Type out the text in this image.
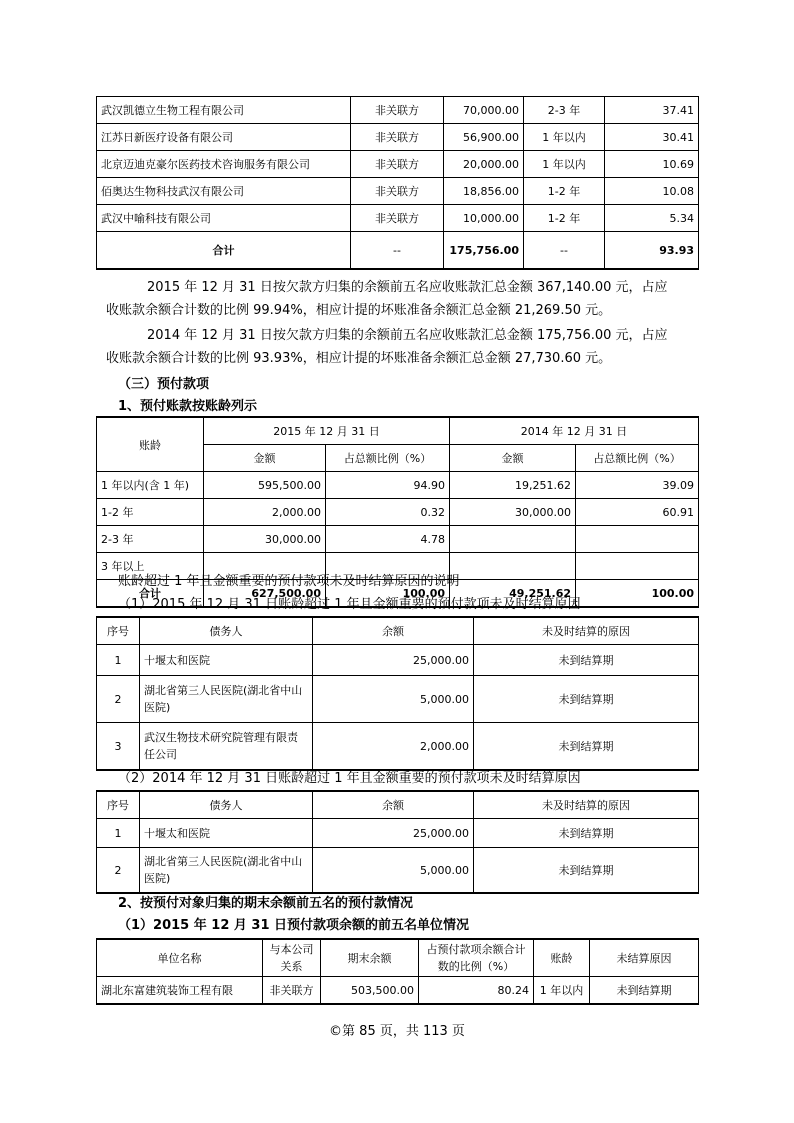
武汉凯德立生物工程有限公司	非关联方	70,000.00	2-3 年	37.41
江苏日新医疗设备有限公司	非关联方	56,900.00	1 年以内	30.41
北京迈迪克豪尔医药技术咨询服务有限公司	非关联方	20,000.00	1 年以内	10.69
佰奥达生物科技武汉有限公司	非关联方	18,856.00	1-2 年	10.08
武汉中喻科技有限公司	非关联方	10,000.00	1-2 年	5.34
合计	--	175,756.00	--	93.93
2015 年 12 月 31 日按欠款方归集的余额前五名应收账款汇总金额 367,140.00 元，占应
收账款余额合计数的比例 99.94%，相应计提的坏账准备余额汇总金额 21,269.50 元。
2014 年 12 月 31 日按欠款方归集的余额前五名应收账款汇总金额 175,756.00 元，占应
收账款余额合计数的比例 93.93%，相应计提的坏账准备余额汇总金额 27,730.60 元。
（三）预付款项
1、预付账款按账龄列示
账龄	2015 年 12 月 31 日		2014 年 12 月 31 日	
	金额	占总额比例（%）	金额	占总额比例（%）
1 年以内(含 1 年)	595,500.00	94.90	19,251.62	39.09
1-2 年	2,000.00	0.32	30,000.00	60.91
2-3 年	30,000.00	4.78		
3 年以上				
合计	627,500.00	100.00	49,251.62	100.00
账龄超过 1 年且金额重要的预付款项未及时结算原因的说明
（1）2015 年 12 月 31 日账龄超过 1 年且金额重要的预付款项未及时结算原因
序号	债务人	余额	未及时结算的原因
1	十堰太和医院	25,000.00	未到结算期
2	湖北省第三人民医院(湖北省中山医院)	5,000.00	未到结算期
3	武汉生物技术研究院管理有限责任公司	2,000.00	未到结算期
（2）2014 年 12 月 31 日账龄超过 1 年且金额重要的预付款项未及时结算原因
序号	债务人	余额	未及时结算的原因
1	十堰太和医院	25,000.00	未到结算期
2	湖北省第三人民医院(湖北省中山医院)	5,000.00	未到结算期
2、按预付对象归集的期末余额前五名的预付款情况
（1）2015 年 12 月 31 日预付款项余额的前五名单位情况
单位名称	与本公司关系	期末余额	占预付款项余额合计数的比例（%）	账龄	未结算原因
湖北东富建筑装饰工程有限	非关联方	503,500.00	80.24	1 年以内	未到结算期
©第 85 页，共 113 页
